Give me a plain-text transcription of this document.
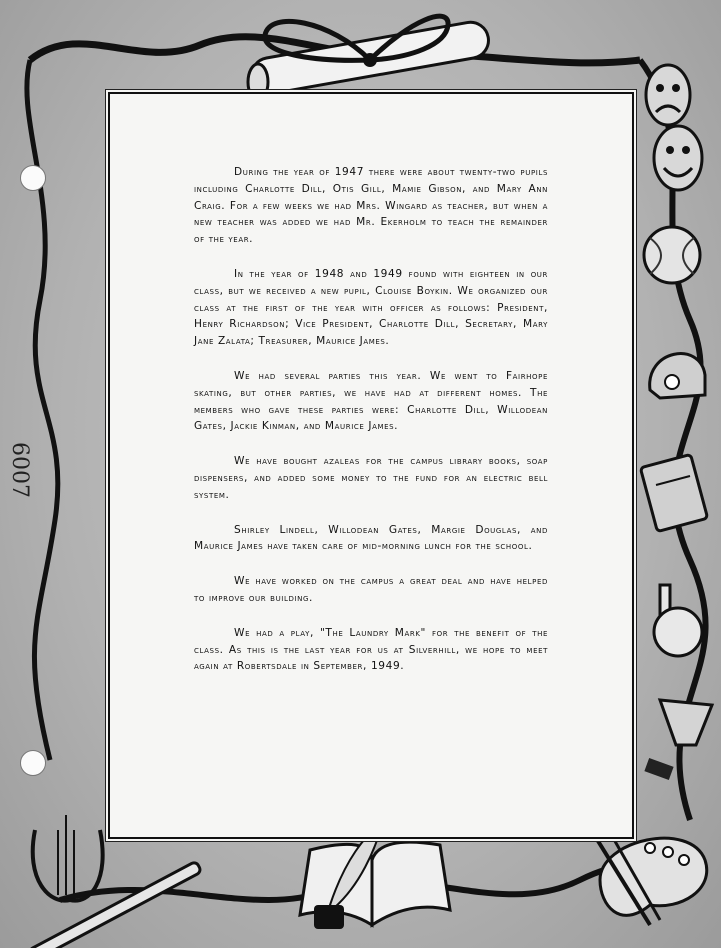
6007

During the year of 1947 there were about twenty-two pupils including Charlotte Dill, Otis Gill, Mamie Gibson, and Mary Ann Craig. For a few weeks we had Mrs. Wingard as teacher, but when a new teacher was added we had Mr. Ekerholm to teach the remainder of the year.

In the year of 1948 and 1949 found with eighteen in our class, but we received a new pupil, Clouise Boykin. We organized our class at the first of the year with officer as follows: President, Henry Richardson; Vice President, Charlotte Dill, Secretary, Mary Jane Zalata; Treasurer, Maurice James.

We had several parties this year. We went to Fairhope skating, but other parties, we have had at different homes. The members who gave these parties were: Charlotte Dill, Willodean Gates, Jackie Kinman, and Maurice James.

We have bought azaleas for the campus library books, soap dispensers, and added some money to the fund for an electric bell system.

Shirley Lindell, Willodean Gates, Margie Douglas, and Maurice James have taken care of mid-morning lunch for the school.

We have worked on the campus a great deal and have helped to improve our building.

We had a play, "The Laundry Mark" for the benefit of the class. As this is the last year for us at Silverhill, we hope to meet again at Robertsdale in September, 1949.
